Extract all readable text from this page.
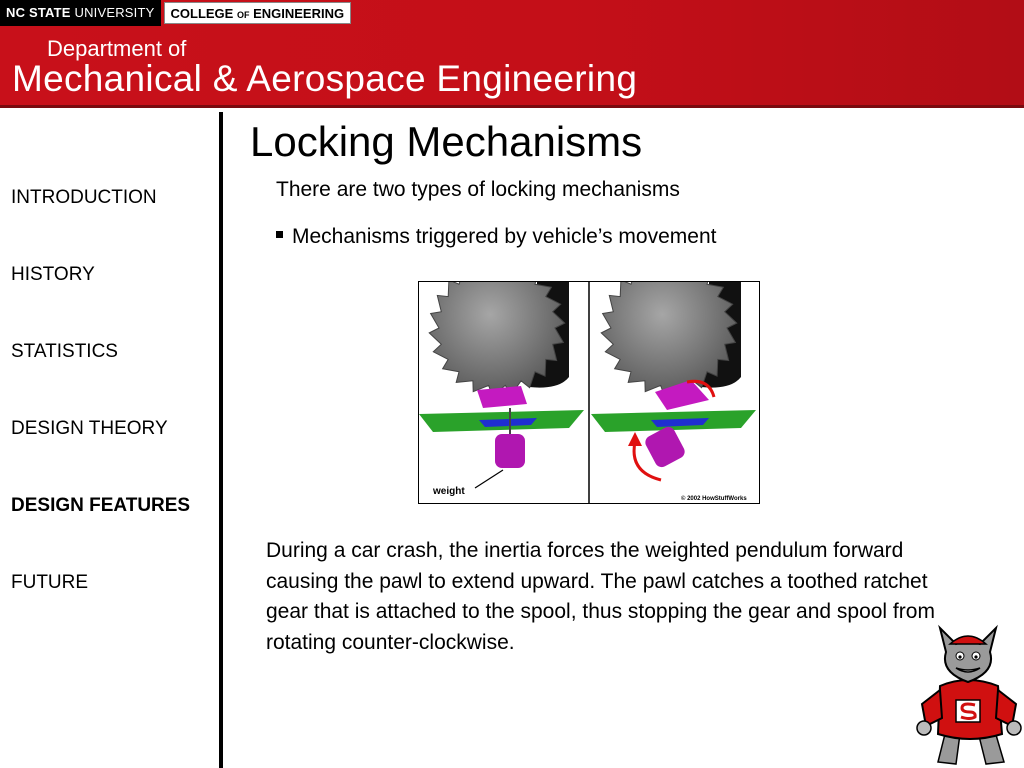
NC STATE UNIVERSITY	COLLEGE OF ENGINEERING
Department of
Mechanical & Aerospace Engineering
INTRODUCTION
HISTORY
STATISTICS
DESIGN THEORY
DESIGN FEATURES
FUTURE
Locking Mechanisms
There are two types of locking mechanisms
Mechanisms triggered by vehicle’s movement
weight
© 2002 HowStuffWorks
During a car crash, the inertia forces the weighted pendulum forward causing the pawl to extend upward. The pawl catches a toothed ratchet gear that is attached to the spool, thus stopping the gear and spool from rotating counter-clockwise.
